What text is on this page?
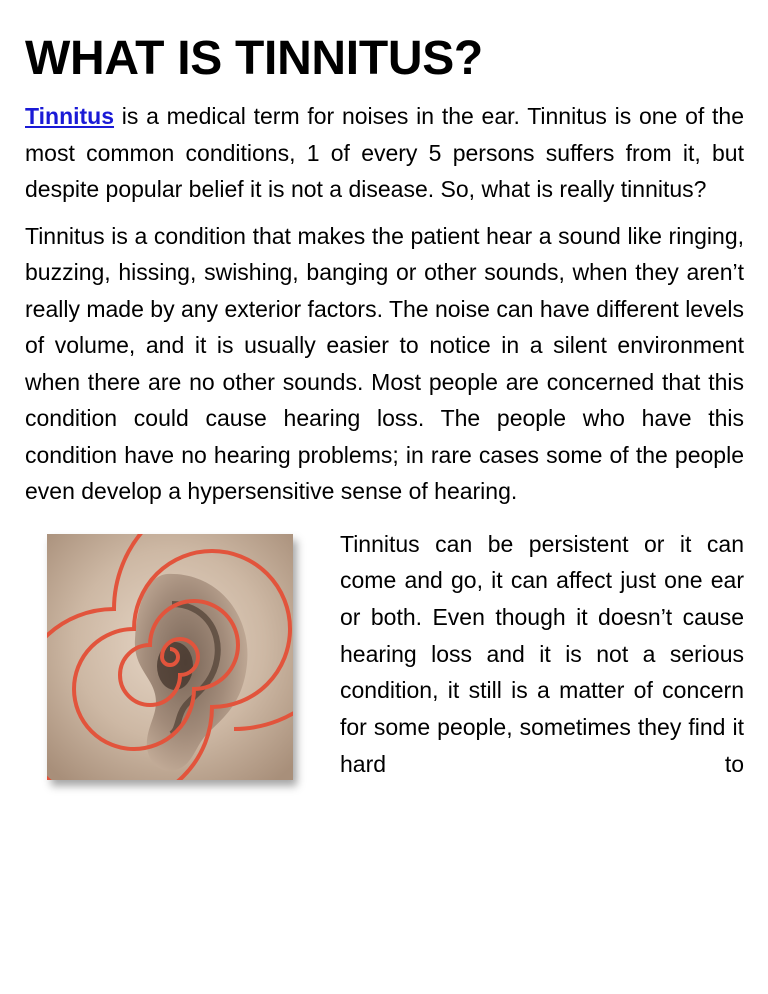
WHAT IS TINNITUS?

Tinnitus is a medical term for noises in the ear. Tinnitus is one of the most common conditions, 1 of every 5 persons suffers from it, but despite popular belief it is not a disease. So, what is really tinnitus?

Tinnitus is a condition that makes the patient hear a sound like ringing, buzzing, hissing, swishing, banging or other sounds, when they aren’t really made by any exterior factors. The noise can have different levels of volume, and it is usually easier to notice in a silent environment when there are no other sounds. Most people are concerned that this condition could cause hearing loss. The people who have this condition have no hearing problems; in rare cases some of the people even develop a hypersensitive sense of hearing.

Tinnitus can be persistent or it can come and go, it can affect just one ear or both. Even though it doesn’t cause hearing loss and it is not a serious condition, it still is a matter of concern for some people, sometimes they find it hard to
